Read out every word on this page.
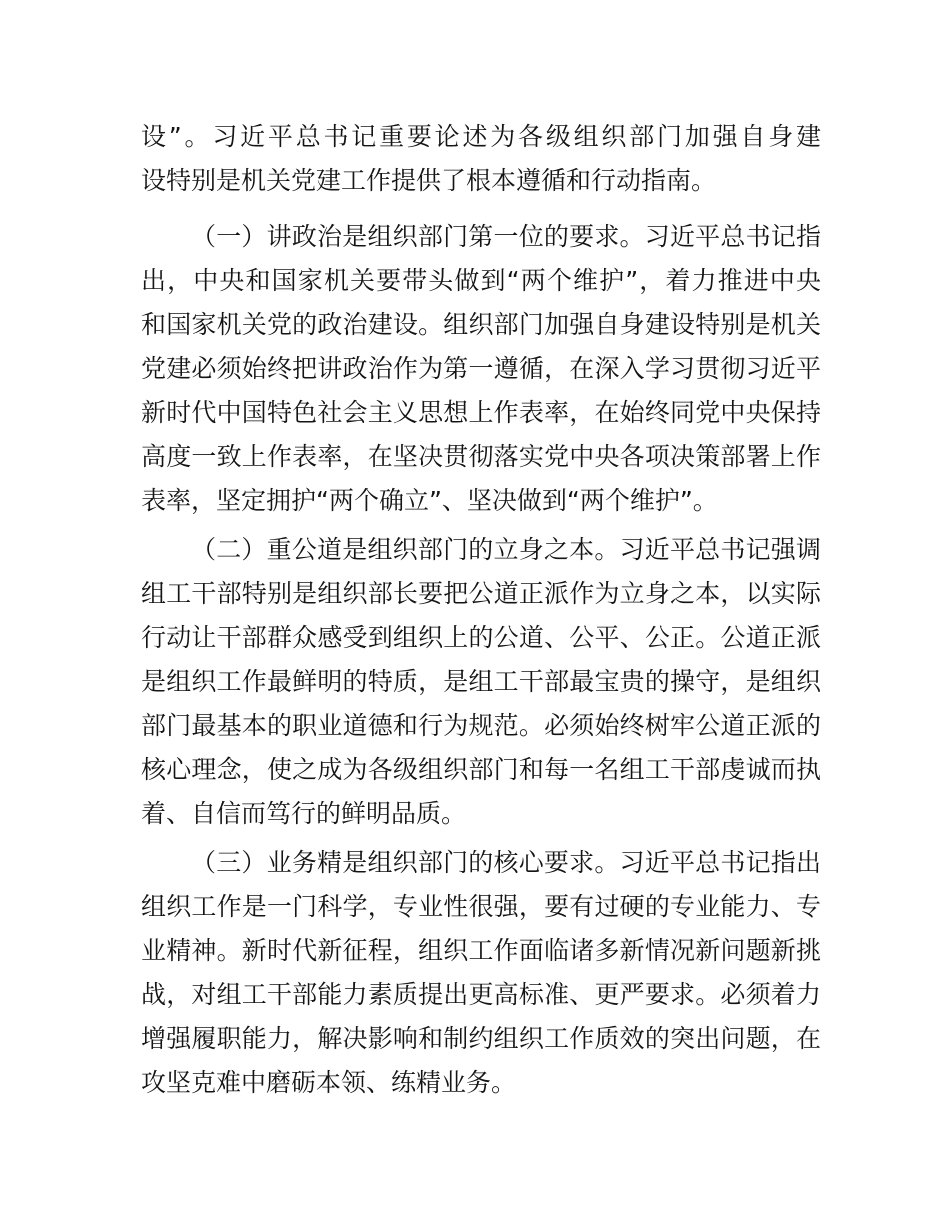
设”。习近平总书记重要论述为各级组织部门加强自身建
设特别是机关党建工作提供了根本遵循和行动指南。
（一）讲政治是组织部门第一位的要求。习近平总书记指
出，中央和国家机关要带头做到“两个维护”，着力推进中央
和国家机关党的政治建设。组织部门加强自身建设特别是机关
党建必须始终把讲政治作为第一遵循，在深入学习贯彻习近平
新时代中国特色社会主义思想上作表率，在始终同党中央保持
高度一致上作表率，在坚决贯彻落实党中央各项决策部署上作
表率，坚定拥护“两个确立”、坚决做到“两个维护”。
（二）重公道是组织部门的立身之本。习近平总书记强调
组工干部特别是组织部长要把公道正派作为立身之本，以实际
行动让干部群众感受到组织上的公道、公平、公正。公道正派
是组织工作最鲜明的特质，是组工干部最宝贵的操守，是组织
部门最基本的职业道德和行为规范。必须始终树牢公道正派的
核心理念，使之成为各级组织部门和每一名组工干部虔诚而执
着、自信而笃行的鲜明品质。
（三）业务精是组织部门的核心要求。习近平总书记指出
组织工作是一门科学，专业性很强，要有过硬的专业能力、专
业精神。新时代新征程，组织工作面临诸多新情况新问题新挑
战，对组工干部能力素质提出更高标准、更严要求。必须着力
增强履职能力，解决影响和制约组织工作质效的突出问题，在
攻坚克难中磨砺本领、练精业务。
